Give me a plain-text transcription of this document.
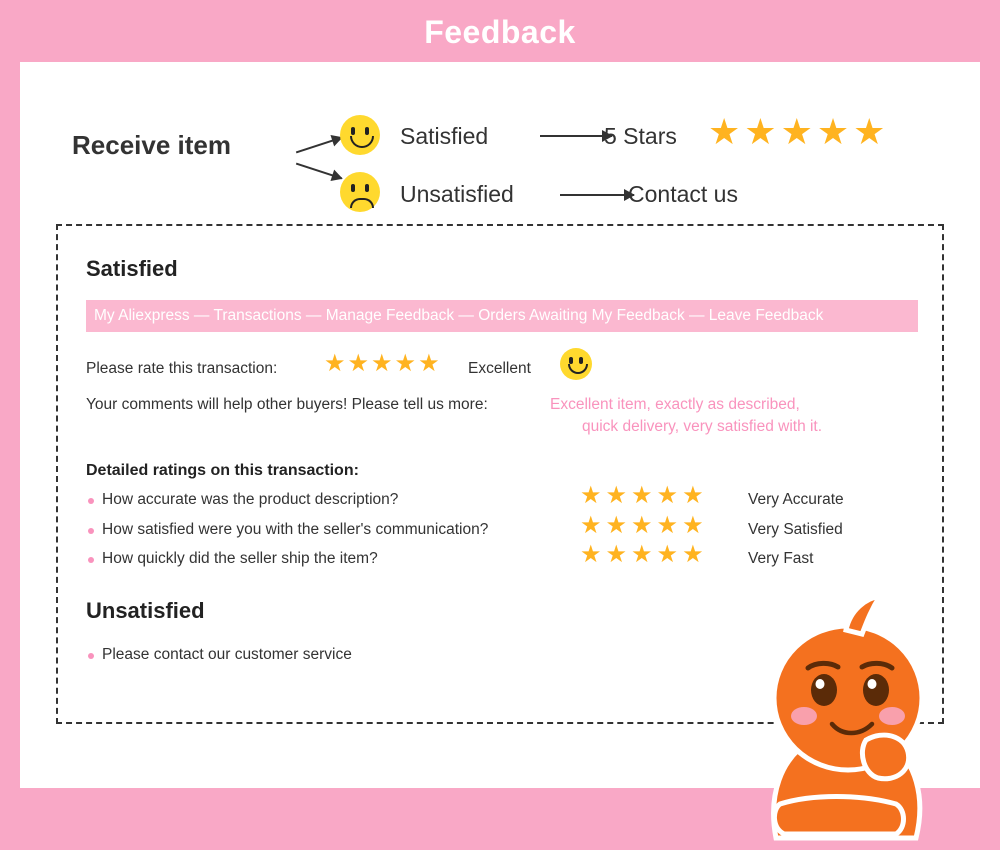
Feedback
Receive item	Satisfied	5 Stars ★ ★ ★ ★ ★
Unsatisfied	Contact us
Satisfied
My Aliexpress — Transactions — Manage Feedback — Orders Awaiting My Feedback — Leave Feedback
Please rate this transaction: ★ ★ ★ ★ ★ Excellent
Your comments will help other buyers! Please tell us more:	Excellent item, exactly as described,
quick delivery, very satisfied with it.
Detailed ratings on this transaction:
How accurate was the product description?	★ ★ ★ ★ ★	Very Accurate
How satisfied were you with the seller's communication?	★ ★ ★ ★ ★	Very Satisfied
How quickly did the seller ship the item?	★ ★ ★ ★ ★	Very Fast
Unsatisfied
Please contact our customer service
